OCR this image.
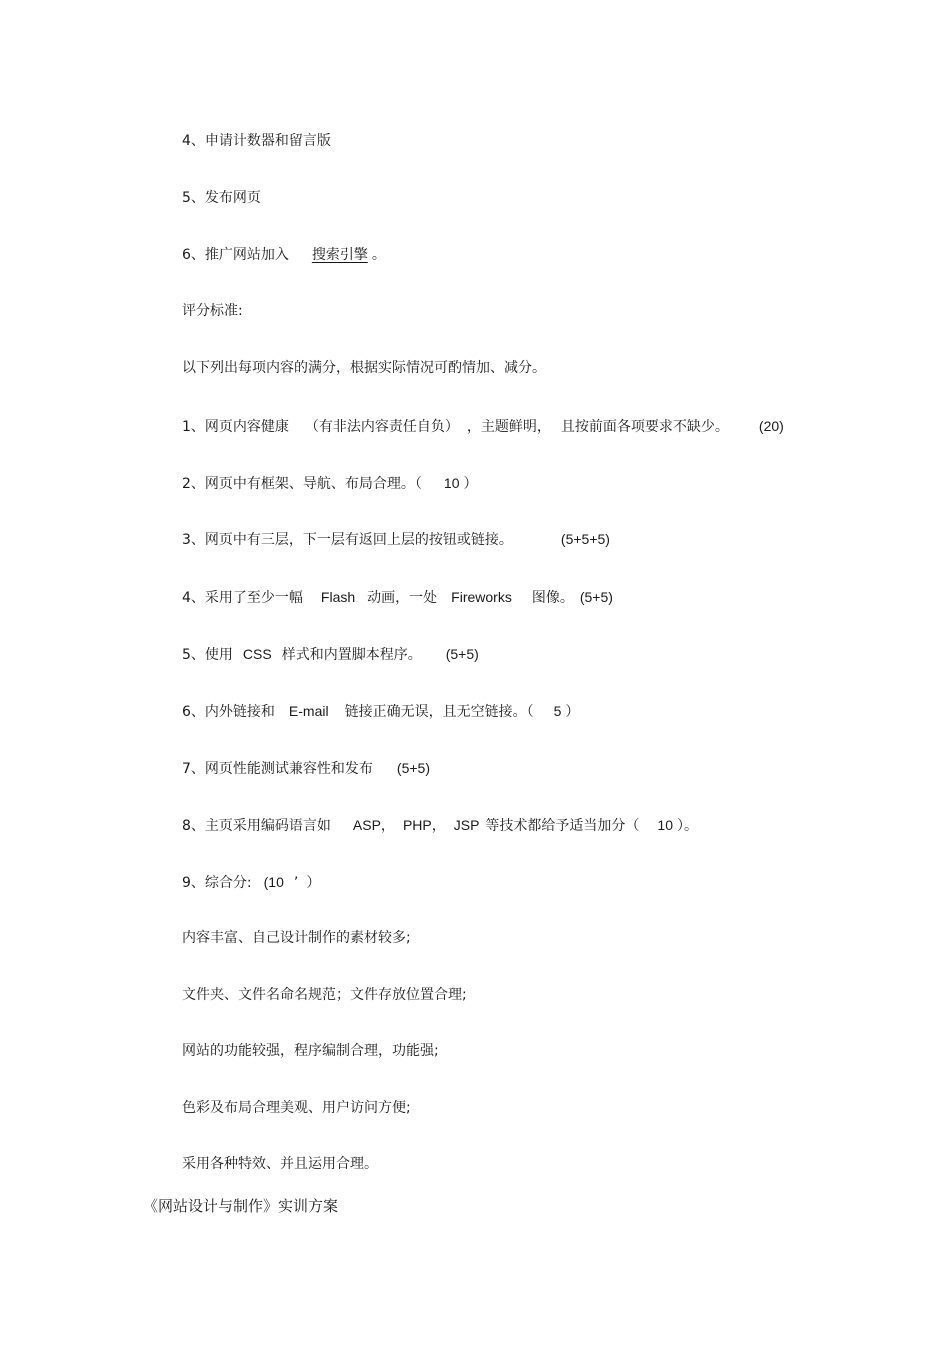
4、申请计数器和留言版
5、发布网页
6、推广网站加入 搜索引擎 。
评分标准:
以下列出每项内容的满分，根据实际情况可酌情加、减分。
1、网页内容健康 （有非法内容责任自负） ，主题鲜明， 且按前面各项要求不缺少。 (20)
2、网页中有框架、导航、布局合理。（ 10 ）
3、网页中有三层，下一层有返回上层的按钮或链接。	(5+5+5)
4、采用了至少一幅 Flash 动画，一处 Fireworks 图像。 (5+5)
5、使用 CSS 样式和内置脚本程序。 (5+5)
6、内外链接和 E-mail 链接正确无误，且无空链接。（ 5 ）
7、网页性能测试兼容性和发布 (5+5)
8、主页采用编码语言如 ASP， PHP， JSP 等技术都给予适当加分（ 10 ）。
9、综合分: (10 ’ ）
内容丰富、自己设计制作的素材较多;
文件夹、文件名命名规范；文件存放位置合理;
网站的功能较强，程序编制合理，功能强;
色彩及布局合理美观、用户访问方便;
采用各种特效、并且运用合理。
《网站设计与制作》实训方案
